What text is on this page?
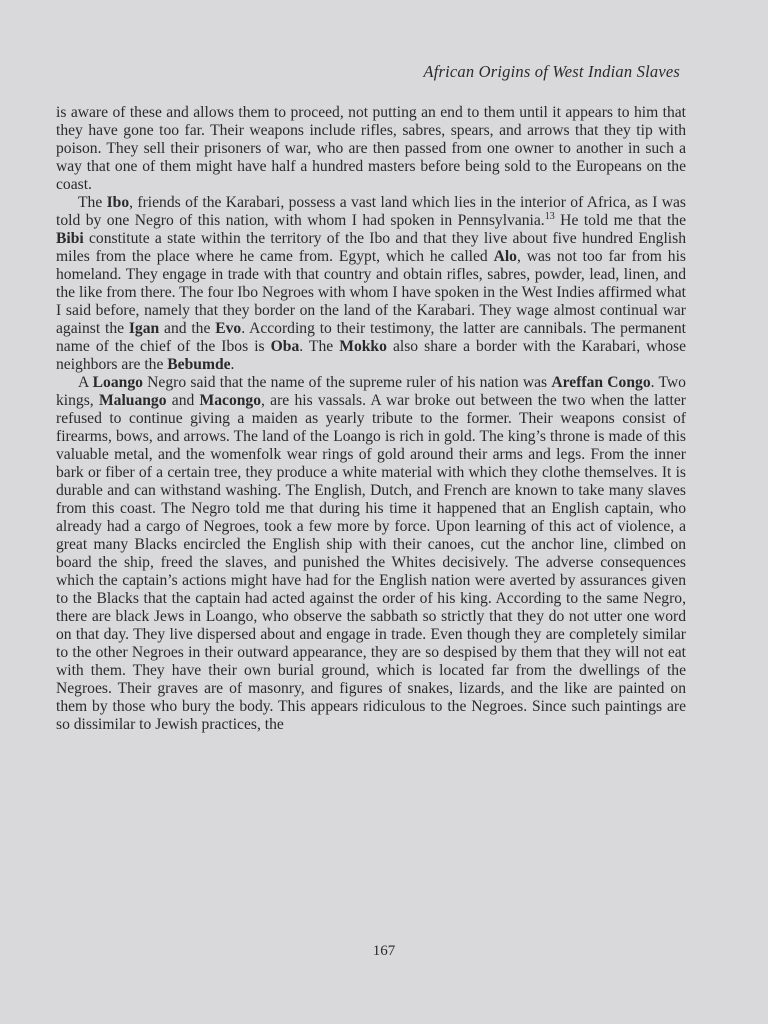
African Origins of West Indian Slaves

is aware of these and allows them to proceed, not putting an end to them until it appears to him that they have gone too far. Their weapons include rifles, sabres, spears, and arrows that they tip with poison. They sell their prisoners of war, who are then passed from one owner to another in such a way that one of them might have half a hundred masters before being sold to the Europeans on the coast.

The Ibo, friends of the Karabari, possess a vast land which lies in the interior of Africa, as I was told by one Negro of this nation, with whom I had spoken in Pennsylvania.$^{13}$ He told me that the Bibi constitute a state within the territory of the Ibo and that they live about five hundred English miles from the place where he came from. Egypt, which he called Alo, was not too far from his homeland. They engage in trade with that country and obtain rifles, sabres, powder, lead, linen, and the like from there. The four Ibo Negroes with whom I have spoken in the West Indies affirmed what I said before, namely that they border on the land of the Karabari. They wage almost continual war against the Igan and the Evo. According to their testimony, the latter are cannibals. The permanent name of the chief of the Ibos is Oba. The Mokko also share a border with the Karabari, whose neighbors are the Bebumde.

A Loango Negro said that the name of the supreme ruler of his nation was Areffan Congo. Two kings, Maluango and Macongo, are his vassals. A war broke out between the two when the latter refused to continue giving a maiden as yearly tribute to the former. Their weapons consist of firearms, bows, and arrows. The land of the Loango is rich in gold. The king’s throne is made of this valuable metal, and the womenfolk wear rings of gold around their arms and legs. From the inner bark or fiber of a certain tree, they produce a white material with which they clothe themselves. It is durable and can withstand washing. The English, Dutch, and French are known to take many slaves from this coast. The Negro told me that during his time it happened that an English captain, who already had a cargo of Negroes, took a few more by force. Upon learning of this act of violence, a great many Blacks encircled the English ship with their canoes, cut the anchor line, climbed on board the ship, freed the slaves, and punished the Whites decisively. The adverse consequences which the captain’s actions might have had for the English nation were averted by assurances given to the Blacks that the captain had acted against the order of his king. According to the same Negro, there are black Jews in Loango, who observe the sabbath so strictly that they do not utter one word on that day. They live dispersed about and engage in trade. Even though they are completely similar to the other Negroes in their outward appearance, they are so despised by them that they will not eat with them. They have their own burial ground, which is located far from the dwellings of the Negroes. Their graves are of masonry, and figures of snakes, lizards, and the like are painted on them by those who bury the body. This appears ridiculous to the Negroes. Since such paintings are so dissimilar to Jewish practices, the

167
